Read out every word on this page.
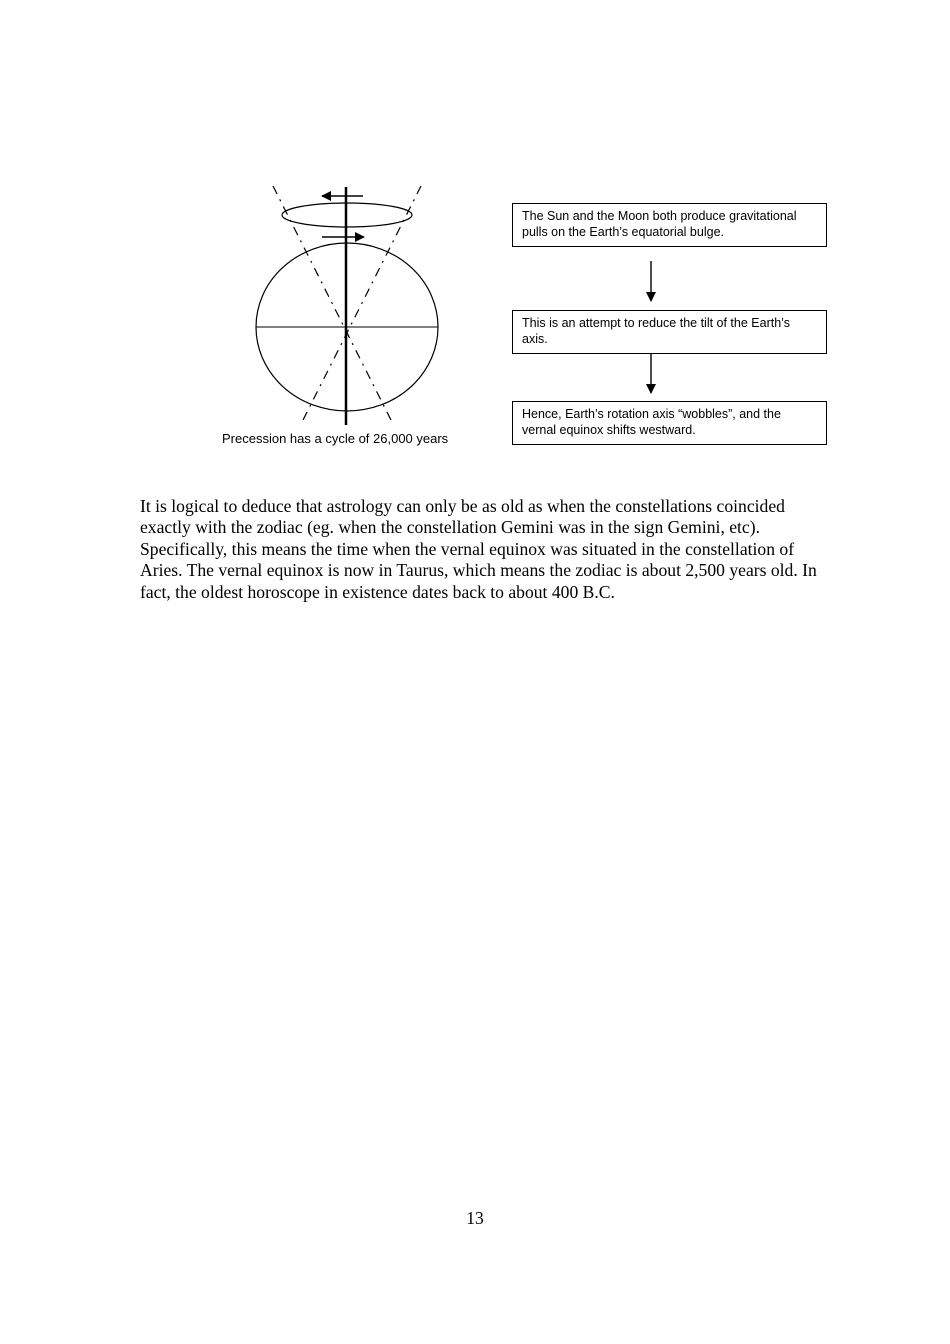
Precession has a cycle of 26,000 years
The Sun and the Moon both produce gravitational pulls on the Earth’s equatorial bulge.
This is an attempt to reduce the tilt of the Earth’s axis.
Hence, Earth’s rotation axis “wobbles”, and the vernal equinox shifts westward.

It is logical to deduce that astrology can only be as old as when the constellations coincided exactly with the zodiac (eg. when the constellation Gemini was in the sign Gemini, etc). Specifically, this means the time when the vernal equinox was situated in the constellation of Aries. The vernal equinox is now in Taurus, which means the zodiac is about 2,500 years old. In fact, the oldest horoscope in existence dates back to about 400 B.C.

13
